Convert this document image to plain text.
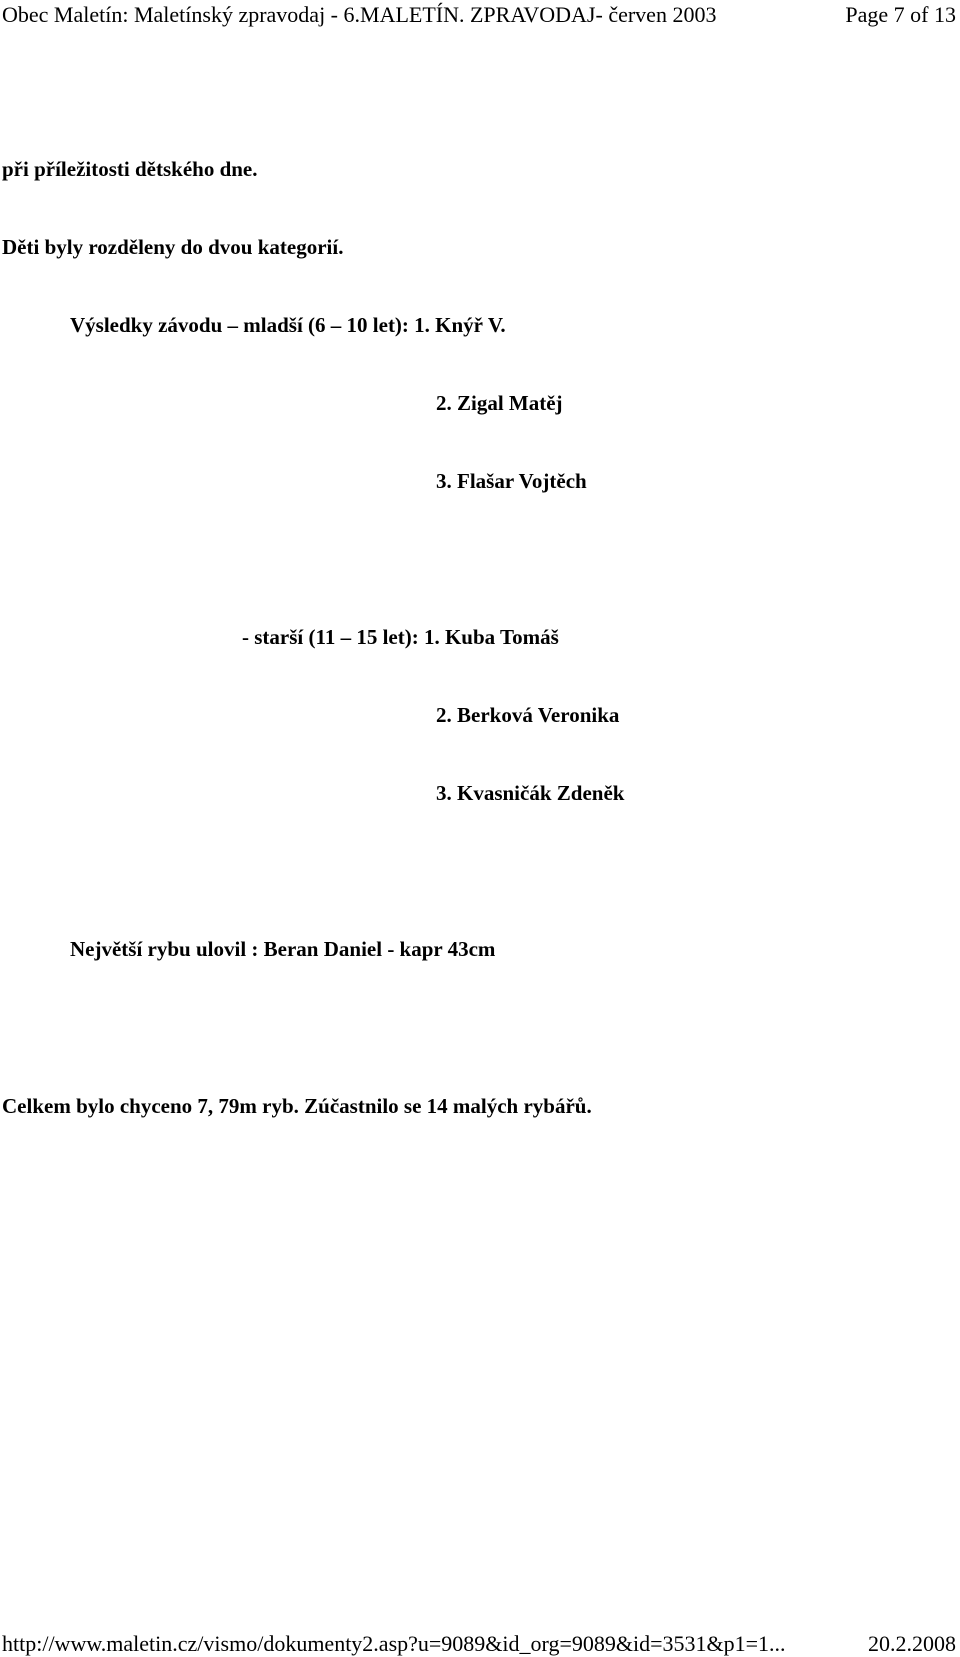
Obec Maletín: Maletínský zpravodaj - 6.MALETÍN. ZPRAVODAJ- červen 2003	Page 7 of 13
při příležitosti dětského dne.
Děti byly rozděleny do dvou kategorií.
Výsledky závodu – mladší (6 – 10 let): 1. Knýř V.
2. Zigal Matěj
3. Flašar Vojtěch
- starší (11 – 15 let): 1. Kuba Tomáš
2. Berková Veronika
3. Kvasničák Zdeněk
Největší rybu ulovil : Beran Daniel - kapr 43cm
Celkem bylo chyceno 7, 79m ryb. Zúčastnilo se 14 malých rybářů.
http://www.maletin.cz/vismo/dokumenty2.asp?u=9089&id_org=9089&id=3531&p1=1...	20.2.2008
